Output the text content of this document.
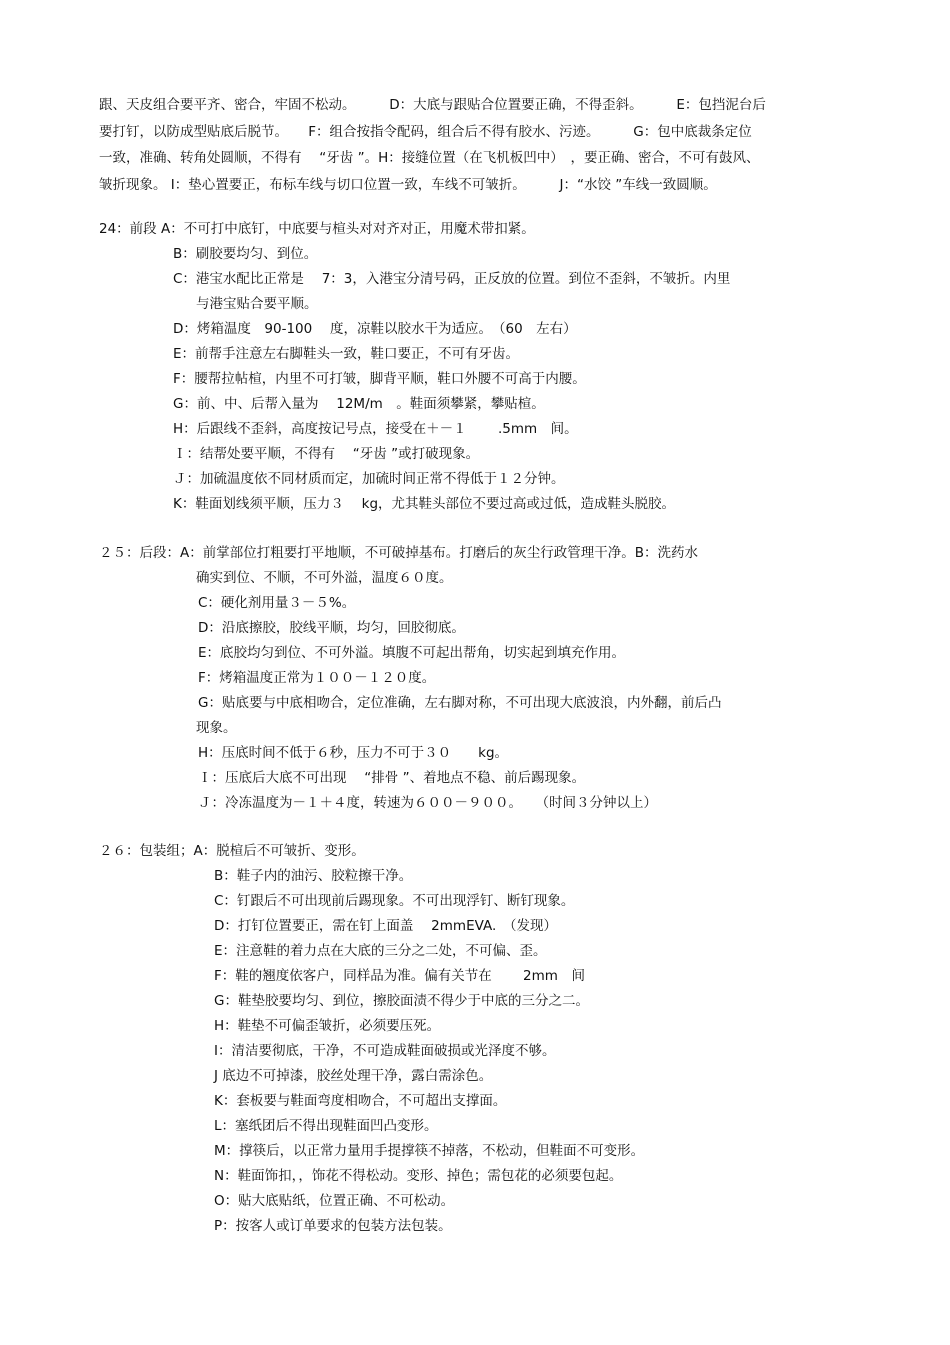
跟、天皮组合要平齐、密合，牢固不松动。　　　D：大底与跟贴合位置要正确，不得歪斜。　　　E：包挡泥台后

要打钉，以防成型贴底后脱节。　　F：组合按指令配码，组合后不得有胶水、污迹。　　　G：包中底裁条定位

一致，准确、转角处圆顺，不得有　 “牙齿 ”。H：接缝位置（在飞机板凹中）　，要正确、密合，不可有鼓风、

皱折现象。 I：垫心置要正，布标车线与切口位置一致，车线不可皱折。　　　J：“水饺 ”车线一致圆顺。

24：前段 A：不可打中底钉，中底要与楦头对对齐对正，用魔术带扣紧。

B：刷胶要均匀、到位。

C：港宝水配比正常是　 7：3，入港宝分清号码，正反放的位置。到位不歪斜，不皱折。内里

与港宝贴合要平顺。

D：烤箱温度　90-100　 度，凉鞋以胶水干为适应。　（60　左右）

E：前帮手注意左右脚鞋头一致，鞋口要正，不可有牙齿。

F：腰帮拉帖楦，内里不可打皱，脚背平顺，鞋口外腰不可高于内腰。

G：前、中、后帮入量为　 12M/m　。鞋面须攀紧，攀贴楦。

H：后跟线不歪斜，高度按记号点，接受在＋－１　　 .5mm　间。

Ｉ：结帮处要平顺，不得有　 “牙齿 ”或打破现象。

Ｊ：加硫温度依不同材质而定，加硫时间正常不得低于１２分钟。

K：鞋面划线须平顺，压力３　 kg，尤其鞋头部位不要过高或过低，造成鞋头脱胶。

２５：后段：A：前掌部位打粗要打平地顺，不可破掉基布。打磨后的灰尘行政管理干净。B：洗药水

确实到位、不顺，不可外溢，温度６０度。

C：硬化剂用量３－５%。

D：沿底擦胶，胶线平顺，均匀，回胶彻底。

E：底胶均匀到位、不可外溢。填腹不可起出帮角，切实起到填充作用。

F：烤箱温度正常为１００－１２０度。

G：贴底要与中底相吻合，定位准确，左右脚对称，不可出现大底波浪，内外翻，前后凸

现象。

H：压底时间不低于６秒，压力不可于３０　　kg。

Ｉ：压底后大底不可出现　 “排骨 ”、着地点不稳、前后踢现象。

Ｊ：冷冻温度为－１＋４度，转速为６００－９００。　　（时间３分钟以上）

２６：包装组；A：脱楦后不可皱折、变形。

B：鞋子内的油污、胶粒擦干净。

C：钉跟后不可出现前后踢现象。不可出现浮钉、断钉现象。

D：打钉位置要正，需在钉上面盖　 2mmEVA.　（发现）

E：注意鞋的着力点在大底的三分之二处，不可偏、歪。

F：鞋的翘度依客户，同样品为准。偏有关节在　　 2mm　间

G：鞋垫胶要均匀、到位，擦胶面渍不得少于中底的三分之二。

H：鞋垫不可偏歪皱折，必须要压死。

I：清洁要彻底，干净，不可造成鞋面破损或光泽度不够。

J 底边不可掉漆，胶丝处理干净，露白需涂色。

K：套板要与鞋面弯度相吻合，不可超出支撑面。

L：塞纸团后不得出现鞋面凹凸变形。

M：撑筷后，以正常力量用手提撑筷不掉落，不松动，但鞋面不可变形。

N：鞋面饰扣，，饰花不得松动。变形、掉色；需包花的必须要包起。

O：贴大底贴纸，位置正确、不可松动。

P：按客人或订单要求的包装方法包装。
